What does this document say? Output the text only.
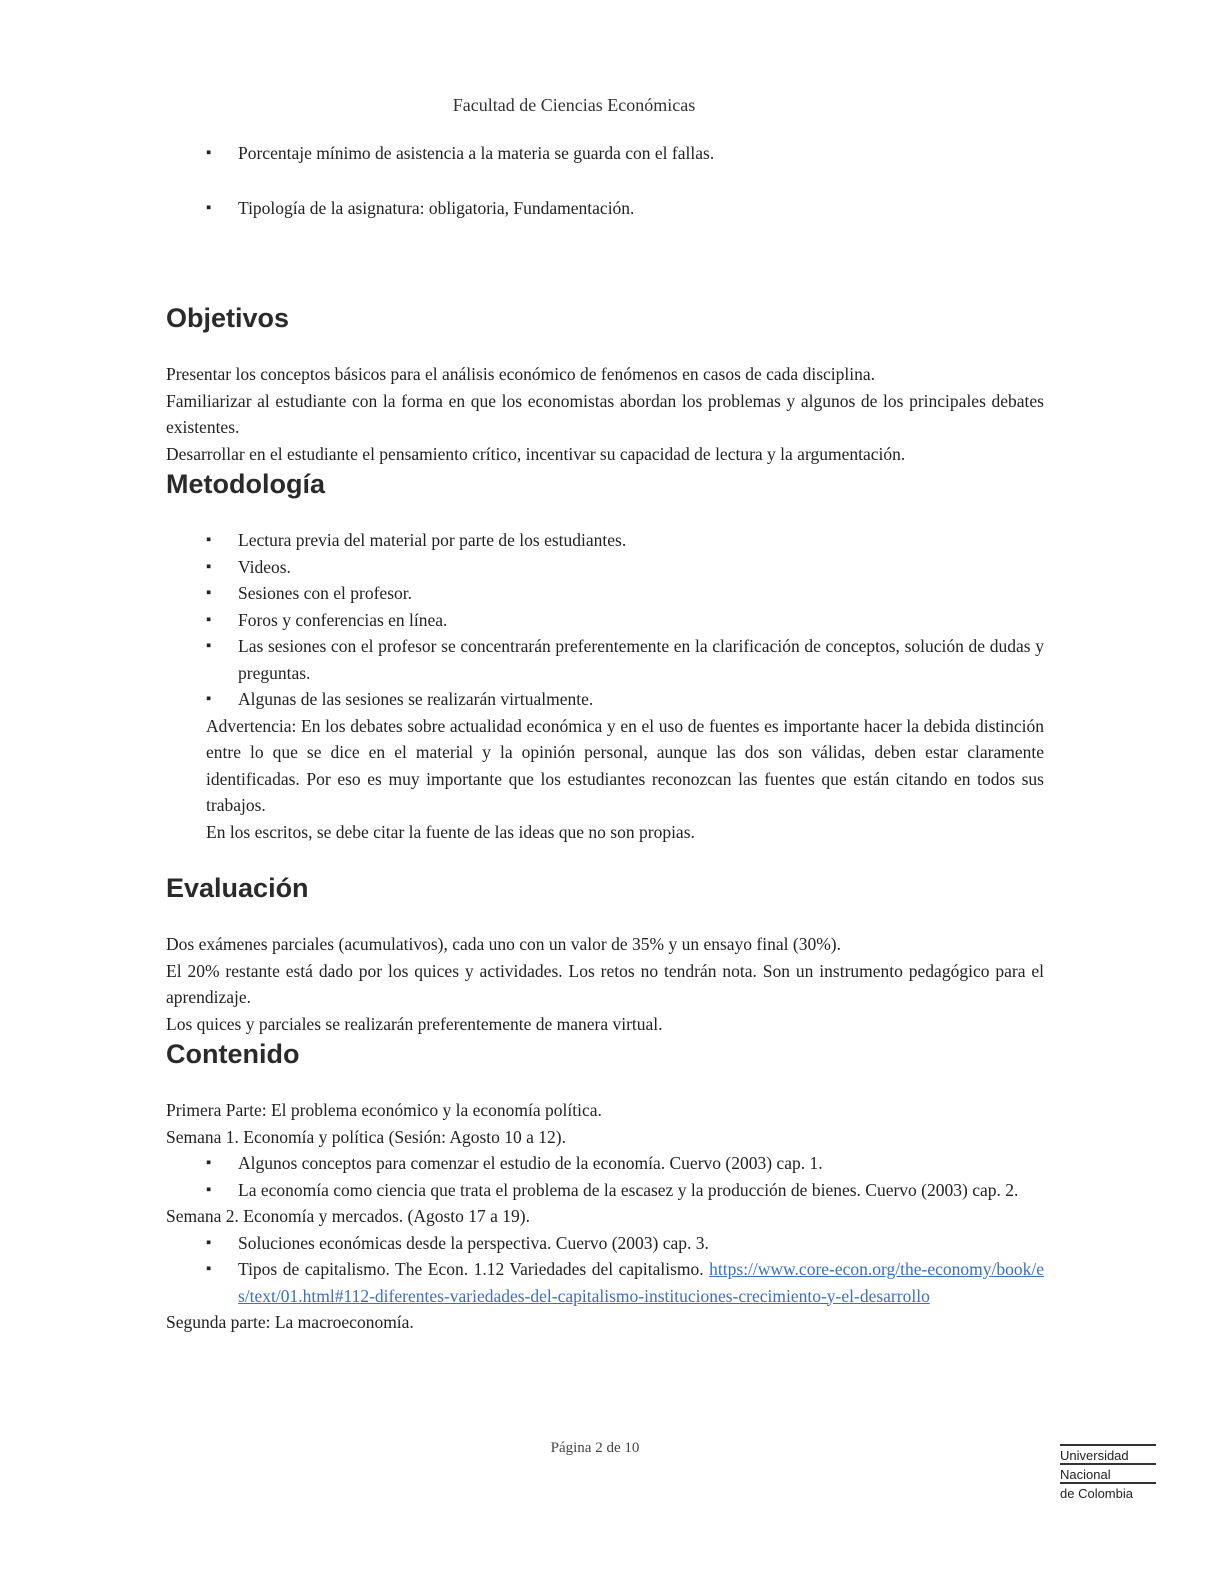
Facultad de Ciencias Económicas
▪ Porcentaje mínimo de asistencia a la materia se guarda con el fallas.
▪ Tipología de la asignatura: obligatoria, Fundamentación.
Objetivos

Presentar los conceptos básicos para el análisis económico de fenómenos en casos de cada disciplina.

Familiarizar al estudiante con la forma en que los economistas abordan los problemas y algunos de los principales debates existentes.

Desarrollar en el estudiante el pensamiento crítico, incentivar su capacidad de lectura y la argumentación.

Metodología
▪ Lectura previa del material por parte de los estudiantes.
▪ Videos.
▪ Sesiones con el profesor.
▪ Foros y conferencias en línea.
▪ Las sesiones con el profesor se concentrarán preferentemente en la clarificación de conceptos, solución de dudas y preguntas.
▪ Algunas de las sesiones se realizarán virtualmente.

Advertencia: En los debates sobre actualidad económica y en el uso de fuentes es importante hacer la debida distinción entre lo que se dice en el material y la opinión personal, aunque las dos son válidas, deben estar claramente identificadas. Por eso es muy importante que los estudiantes reconozcan las fuentes que están citando en todos sus trabajos.

En los escritos, se debe citar la fuente de las ideas que no son propias.

Evaluación

Dos exámenes parciales (acumulativos), cada uno con un valor de 35% y un ensayo final (30%).

El 20% restante está dado por los quices y actividades. Los retos no tendrán nota. Son un instrumento pedagógico para el aprendizaje.

Los quices y parciales se realizarán preferentemente de manera virtual.

Contenido

Primera Parte: El problema económico y la economía política.

Semana 1. Economía y política (Sesión: Agosto 10 a 12).

▪ Algunos conceptos para comenzar el estudio de la economía. Cuervo (2003) cap. 1.
▪ La economía como ciencia que trata el problema de la escasez y la producción de bienes. Cuervo (2003) cap. 2.

Semana 2. Economía y mercados. (Agosto 17 a 19).

▪ Soluciones económicas desde la perspectiva. Cuervo (2003) cap. 3.
▪ Tipos de capitalismo. The Econ. 1.12 Variedades del capitalismo. https://www.core-econ.org/the-economy/book/es/text/01.html#112-diferentes-variedades-del-capitalismo-instituciones-crecimiento-y-el-desarrollo

Segunda parte: La macroeconomía.

Página 2 de 10	Universidad
Nacional
de Colombia
